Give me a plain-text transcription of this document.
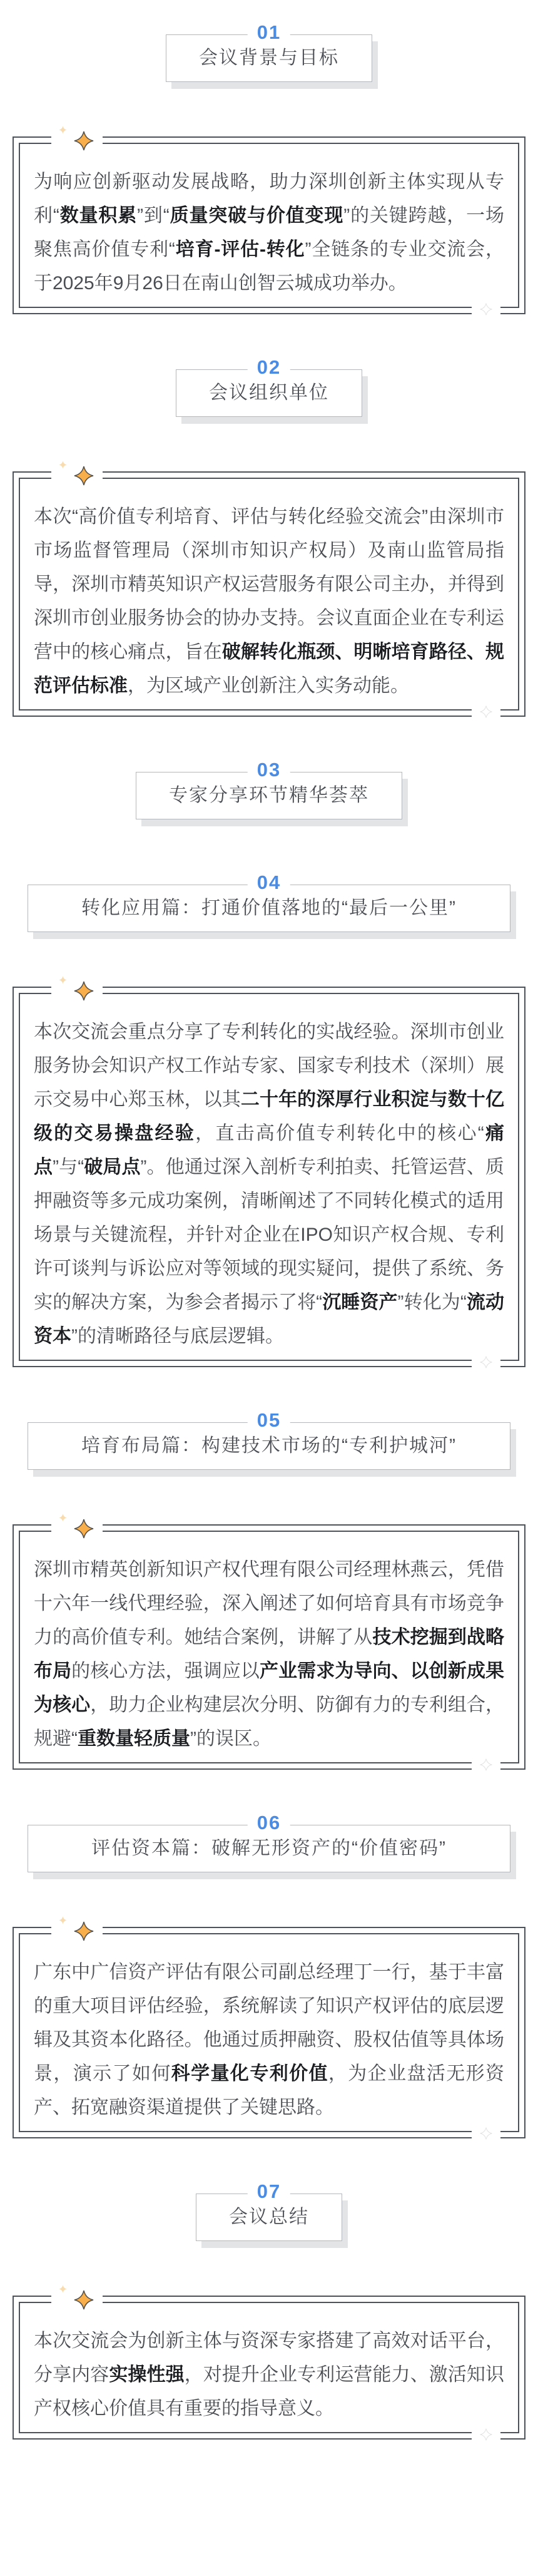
01
会议背景与目标

为响应创新驱动发展战略，助力深圳创新主体实现从专利“数量积累”到“质量突破与价值变现”的关键跨越，一场聚焦高价值专利“培育-评估-转化”全链条的专业交流会，于2025年9月26日在南山创智云城成功举办。

02
会议组织单位

本次“高价值专利培育、评估与转化经验交流会”由深圳市市场监督管理局（深圳市知识产权局）及南山监管局指导，深圳市精英知识产权运营服务有限公司主办，并得到深圳市创业服务协会的协办支持。会议直面企业在专利运营中的核心痛点，旨在破解转化瓶颈、明晰培育路径、规范评估标准，为区域产业创新注入实务动能。

03
专家分享环节精华荟萃
04
转化应用篇：打通价值落地的“最后一公里”

本次交流会重点分享了专利转化的实战经验。深圳市创业服务协会知识产权工作站专家、国家专利技术（深圳）展示交易中心郑玉林，以其二十年的深厚行业积淀与数十亿级的交易操盘经验，直击高价值专利转化中的核心“痛点”与“破局点”。他通过深入剖析专利拍卖、托管运营、质押融资等多元成功案例，清晰阐述了不同转化模式的适用场景与关键流程，并针对企业在IPO知识产权合规、专利许可谈判与诉讼应对等领域的现实疑问，提供了系统、务实的解决方案，为参会者揭示了将“沉睡资产”转化为“流动资本”的清晰路径与底层逻辑。

05
培育布局篇：构建技术市场的“专利护城河”

深圳市精英创新知识产权代理有限公司经理林燕云，凭借十六年一线代理经验，深入阐述了如何培育具有市场竞争力的高价值专利。她结合案例，讲解了从技术挖掘到战略布局的核心方法，强调应以产业需求为导向、以创新成果为核心，助力企业构建层次分明、防御有力的专利组合，规避“重数量轻质量”的误区。

06
评估资本篇：破解无形资产的“价值密码”

广东中广信资产评估有限公司副总经理丁一行，基于丰富的重大项目评估经验，系统解读了知识产权评估的底层逻辑及其资本化路径。他通过质押融资、股权估值等具体场景，演示了如何科学量化专利价值，为企业盘活无形资产、拓宽融资渠道提供了关键思路。

07
会议总结

本次交流会为创新主体与资深专家搭建了高效对话平台，分享内容实操性强，对提升企业专利运营能力、激活知识产权核心价值具有重要的指导意义。
